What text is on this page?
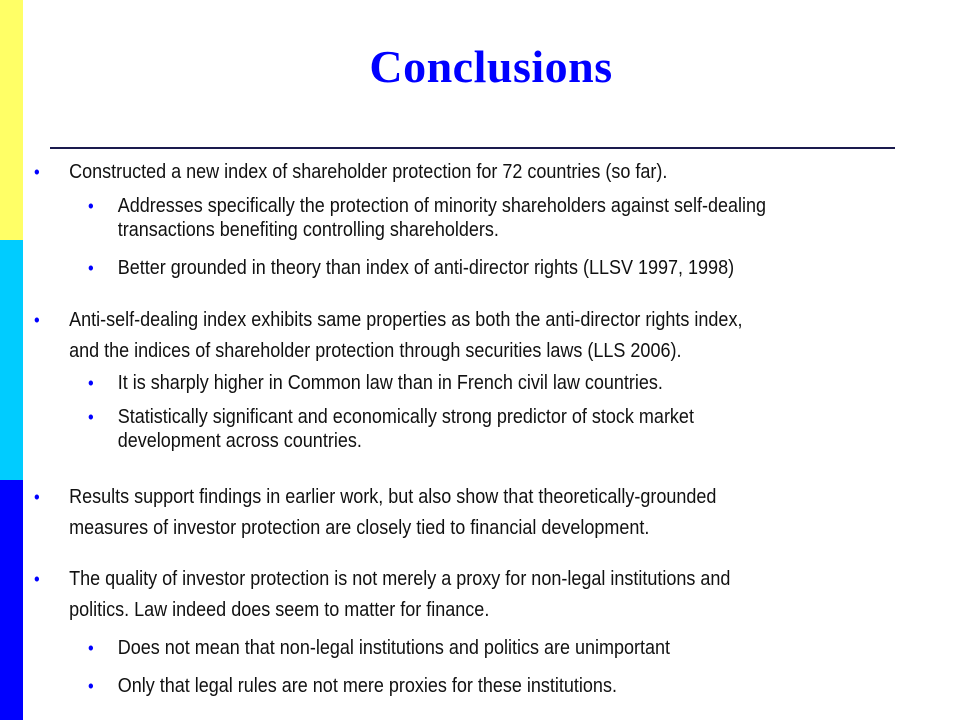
Conclusions
• Constructed a new index of shareholder protection for 72 countries (so far).
• Addresses specifically the protection of minority shareholders against self-dealing
transactions benefiting controlling shareholders.
• Better grounded in theory than index of anti-director rights (LLSV 1997, 1998)
• Anti-self-dealing index exhibits same properties as both the anti-director rights index,
and the indices of shareholder protection through securities laws (LLS 2006).
• It is sharply higher in Common law than in French civil law countries.
• Statistically significant and economically strong predictor of stock market
development across countries.
• Results support findings in earlier work, but also show that theoretically-grounded
measures of investor protection are closely tied to financial development.
• The quality of investor protection is not merely a proxy for non-legal institutions and
politics. Law indeed does seem to matter for finance.
• Does not mean that non-legal institutions and politics are unimportant
• Only that legal rules are not mere proxies for these institutions.
